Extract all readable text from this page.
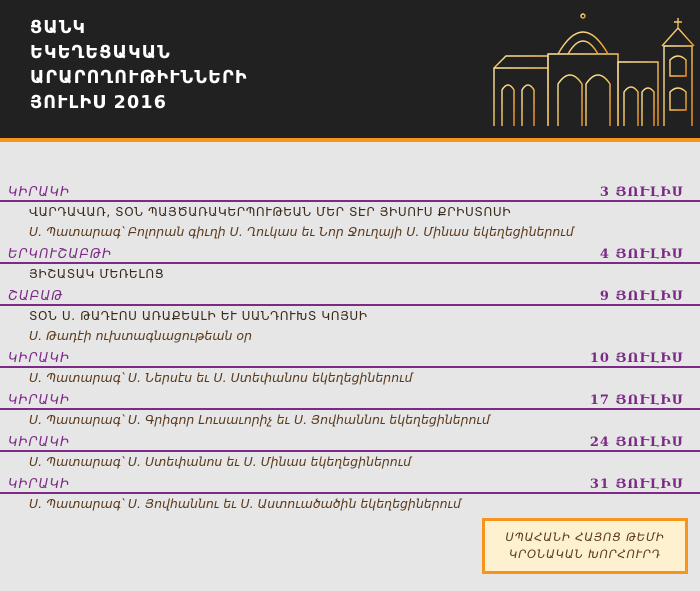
ՑԱՆԿ
ԵԿԵՂԵՑԱԿԱՆ
ԱՐԱՐՈՂՈՒԹԻՒՆՆԵՐԻ
ՅՈՒԼԻՍ 2016
ԿԻՐԱԿԻ	3 ՅՈՒԼԻՍ
ՎԱՐԴԱՎԱՌ, ՏՕՆ ՊԱՅԾԱՌԱԿԵՐՊՈՒԹԵԱՆ ՄԵՐ ՏԷՐ ՅԻՍՈՒՍ ՔՐԻՍՏՈՍԻ
Ս. Պատարագ՝ Բոլորան գիւղի Ս. Ղուկաս եւ Նոր Ջուղայի Ս. Մինաս եկեղեցիներում
ԵՐԿՈՒՇԱԲԹԻ	4 ՅՈՒԼԻՍ
ՅԻՇԱՏԱԿ ՄԵՌԵԼՈՑ
ՇԱԲԱԹ	9 ՅՈՒԼԻՍ
ՏՕՆ Ս. ԹԱԴԷՈՍ ԱՌԱՔԵԱԼԻ ԵՒ ՍԱՆԴՈՒԽՏ ԿՈՅՍԻ
Ս. Թադէի ուխտագնացութեան օր
ԿԻՐԱԿԻ	10 ՅՈՒԼԻՍ
Ս. Պատարագ՝ Ս. Ներսէս եւ Ս. Ստեփանոս եկեղեցիներում
ԿԻՐԱԿԻ	17 ՅՈՒԼԻՍ
Ս. Պատարագ՝ Ս. Գրիգոր Լուսաւորիչ եւ Ս. Յովհաննու եկեղեցիներում
ԿԻՐԱԿԻ	24 ՅՈՒԼԻՍ
Ս. Պատարագ՝ Ս. Ստեփանոս եւ Ս. Մինաս եկեղեցիներում
ԿԻՐԱԿԻ	31 ՅՈՒԼԻՍ
Ս. Պատարագ՝ Ս. Յովհաննու եւ Ս. Աստուածածին եկեղեցիներում
ՍՊԱՀԱՆԻ ՀԱՅՈՑ ԹԵՄԻ
ԿՐՕՆԱԿԱՆ ԽՈՐՀՈՒՐԴ
